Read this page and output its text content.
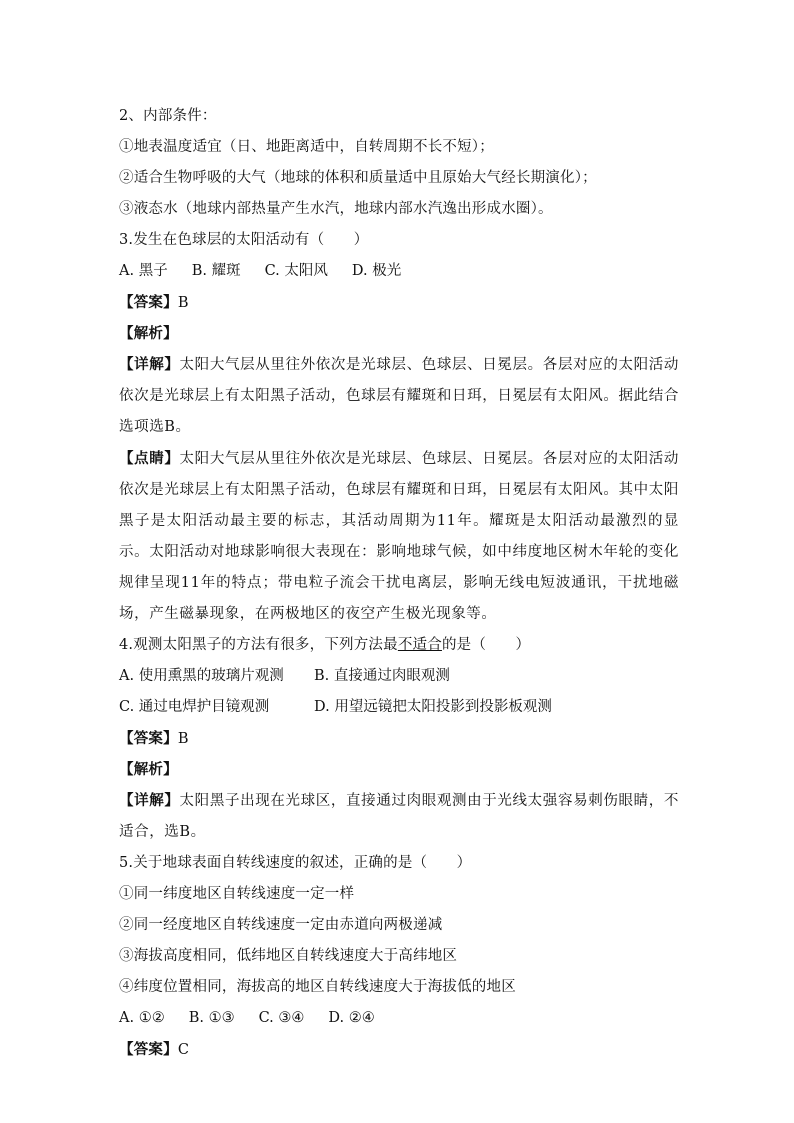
2、内部条件：
①地表温度适宜（日、地距离适中，自转周期不长不短）；
②适合生物呼吸的大气（地球的体积和质量适中且原始大气经长期演化）；
③液态水（地球内部热量产生水汽，地球内部水汽逸出形成水圈）。
3.发生在色球层的太阳活动有（　　）
A. 黑子 B. 耀斑 C. 太阳风 D. 极光
【答案】B
【解析】
【详解】太阳大气层从里往外依次是光球层、色球层、日冕层。各层对应的太阳活动依次是光球层上有太阳黑子活动，色球层有耀斑和日珥，日冕层有太阳风。据此结合选项选B。
【点睛】太阳大气层从里往外依次是光球层、色球层、日冕层。各层对应的太阳活动依次是光球层上有太阳黑子活动，色球层有耀斑和日珥，日冕层有太阳风。其中太阳黑子是太阳活动最主要的标志，其活动周期为11年。耀斑是太阳活动最激烈的显示。太阳活动对地球影响很大表现在：影响地球气候，如中纬度地区树木年轮的变化规律呈现11年的特点；带电粒子流会干扰电离层，影响无线电短波通讯，干扰地磁场，产生磁暴现象，在两极地区的夜空产生极光现象等。
4.观测太阳黑子的方法有很多，下列方法最不适合的是（　　）
A. 使用熏黑的玻璃片观测	B. 直接通过肉眼观测
C. 通过电焊护目镜观测	D. 用望远镜把太阳投影到投影板观测
【答案】B
【解析】
【详解】太阳黑子出现在光球区，直接通过肉眼观测由于光线太强容易刺伤眼睛，不适合，选B。
5.关于地球表面自转线速度的叙述，正确的是（　　）
①同一纬度地区自转线速度一定一样
②同一经度地区自转线速度一定由赤道向两极递减
③海拔高度相同，低纬地区自转线速度大于高纬地区
④纬度位置相同，海拔高的地区自转线速度大于海拔低的地区
A. ①② B. ①③ C. ③④ D. ②④
【答案】C
